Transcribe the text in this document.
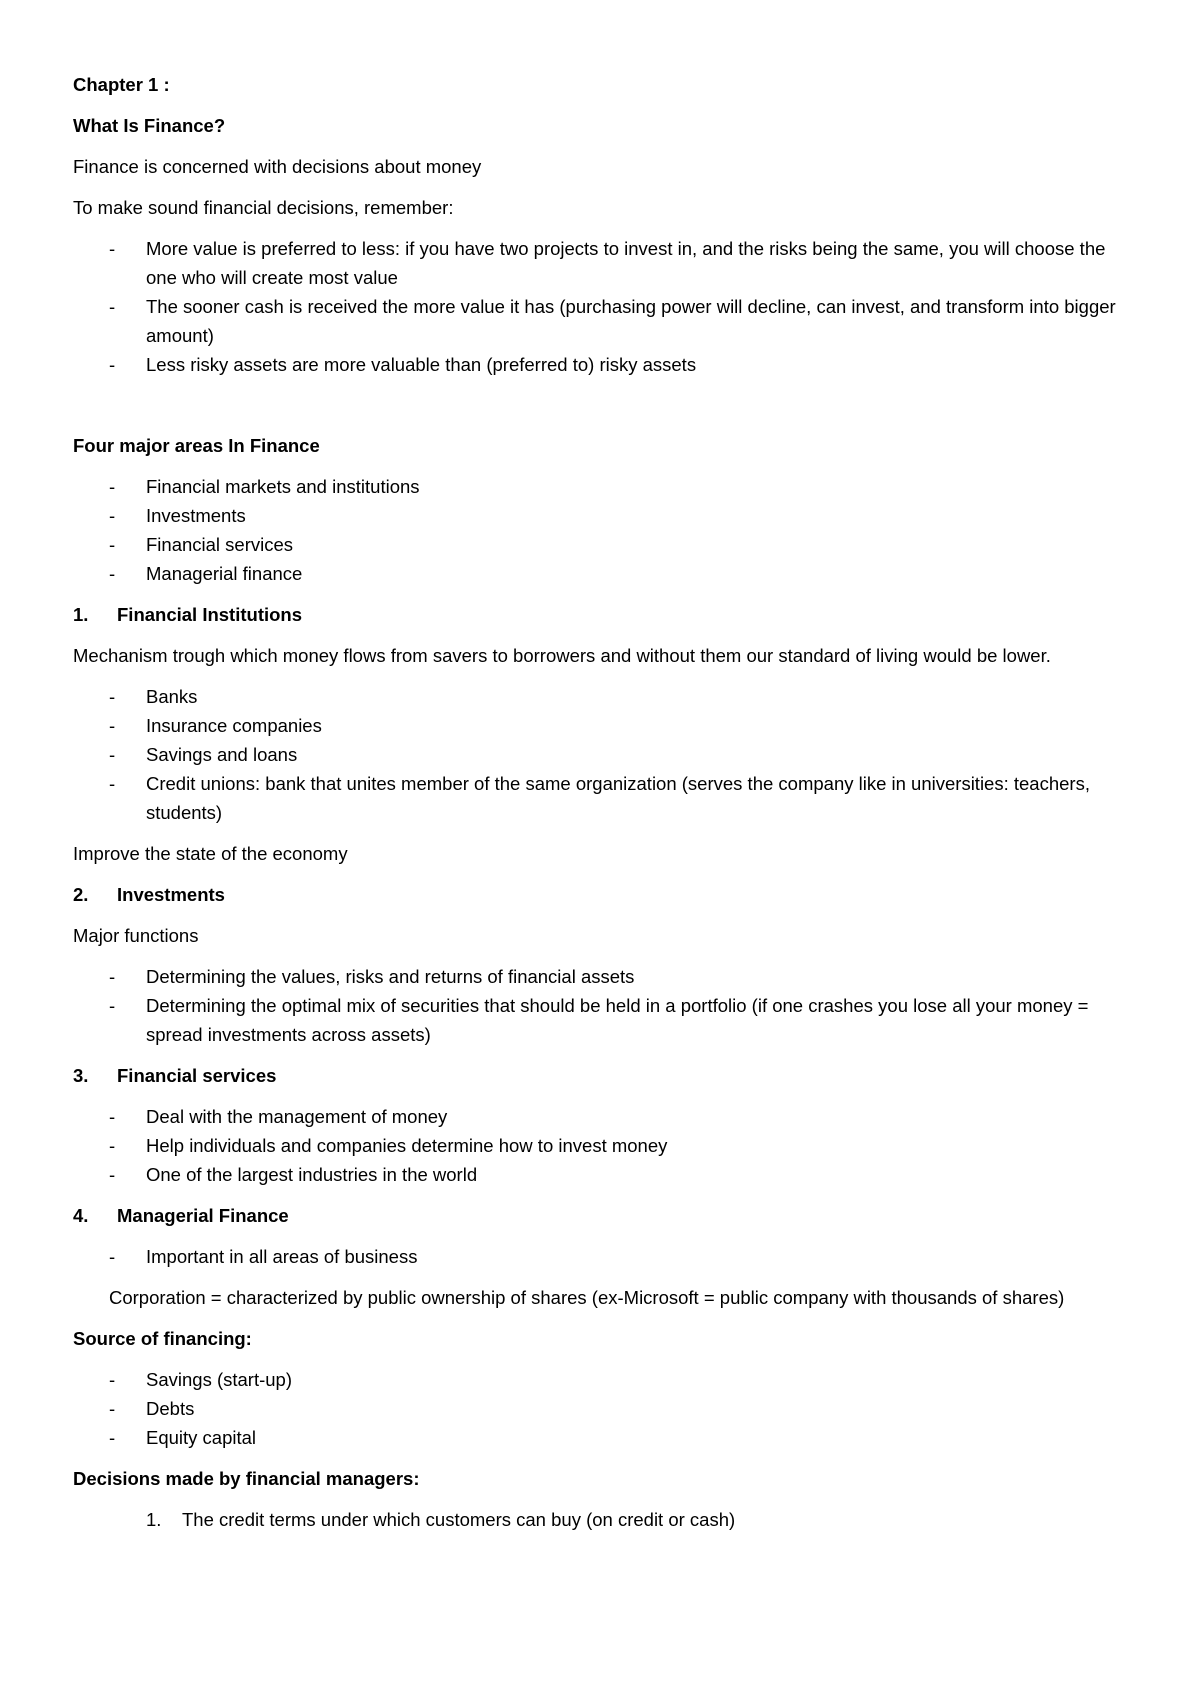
Chapter 1 :

What Is Finance?

Finance is concerned with decisions about money

To make sound financial decisions, remember:

- More value is preferred to less: if you have two projects to invest in, and the risks being the same, you will choose the one who will create most value
- The sooner cash is received the more value it has (purchasing power will decline, can invest, and transform into bigger amount)
- Less risky assets are more valuable than (preferred to) risky assets

Four major areas In Finance

- Financial markets and institutions
- Investments
- Financial services
- Managerial finance

1. Financial Institutions

Mechanism trough which money flows from savers to borrowers and without them our standard of living would be lower.

- Banks
- Insurance companies
- Savings and loans
- Credit unions: bank that unites member of the same organization (serves the company like in universities: teachers, students)

Improve the state of the economy

2. Investments

Major functions

- Determining the values, risks and returns of financial assets
- Determining the optimal mix of securities that should be held in a portfolio (if one crashes you lose all your money = spread investments across assets)

3. Financial services

- Deal with the management of money
- Help individuals and companies determine how to invest money
- One of the largest industries in the world

4. Managerial Finance

- Important in all areas of business

Corporation = characterized by public ownership of shares (ex-Microsoft = public company with thousands of shares)

Source of financing:

- Savings (start-up)
- Debts
- Equity capital

Decisions made by financial managers:

1. The credit terms under which customers can buy (on credit or cash)
